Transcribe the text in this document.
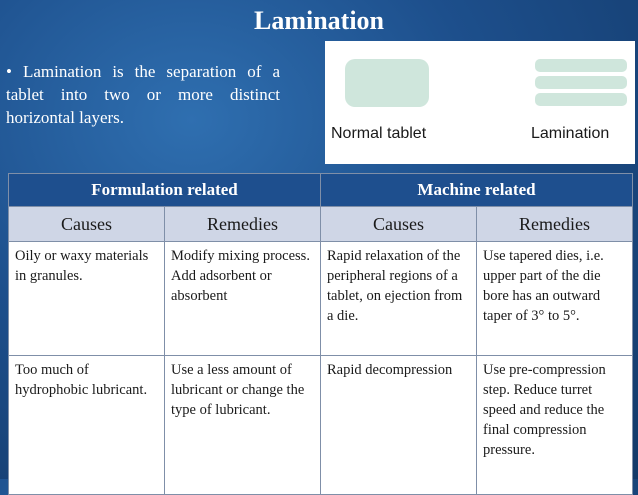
Lamination
• Lamination is the separation of a tablet into two or more distinct horizontal layers.
Normal tablet	Lamination
Formulation related		Machine related	
Causes	Remedies	Causes	Remedies
Oily or waxy materials in granules.	Modify mixing process. Add adsorbent or absorbent	Rapid relaxation of the peripheral regions of a tablet, on ejection from a die.	Use tapered dies, i.e. upper part of the die bore has an outward taper of 3° to 5°.
Too much of hydrophobic lubricant.	Use a less amount of lubricant or change the type of lubricant.	Rapid decompression	Use pre-compression step. Reduce turret speed and reduce the final compression pressure.
